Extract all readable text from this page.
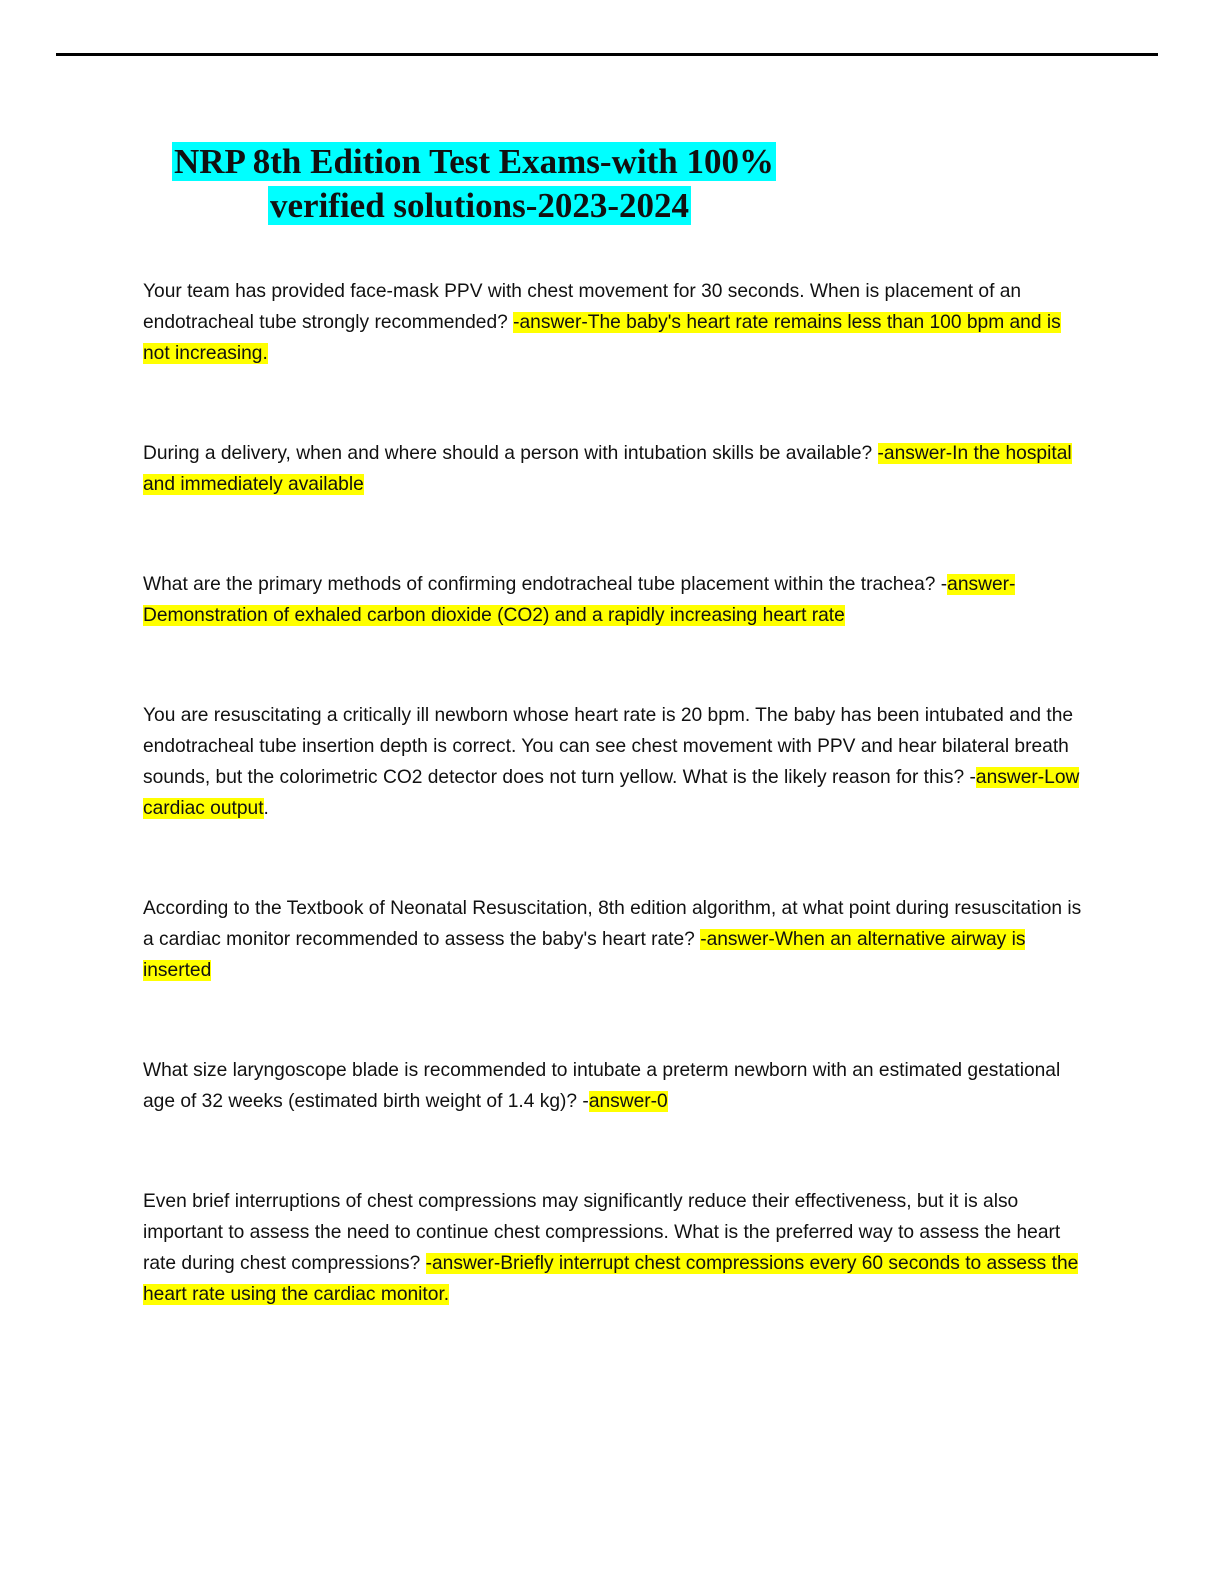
NRP 8th Edition Test Exams-with 100%
verified solutions-2023-2024
Your team has provided face-mask PPV with chest movement for 30 seconds. When is placement of an endotracheal tube strongly recommended? -answer-The baby's heart rate remains less than 100 bpm and is not increasing.
During a delivery, when and where should a person with intubation skills be available? -answer-In the hospital and immediately available
What are the primary methods of confirming endotracheal tube placement within the trachea? -answer-Demonstration of exhaled carbon dioxide (CO2) and a rapidly increasing heart rate
You are resuscitating a critically ill newborn whose heart rate is 20 bpm. The baby has been intubated and the endotracheal tube insertion depth is correct. You can see chest movement with PPV and hear bilateral breath sounds, but the colorimetric CO2 detector does not turn yellow. What is the likely reason for this? -answer-Low cardiac output.
According to the Textbook of Neonatal Resuscitation, 8th edition algorithm, at what point during resuscitation is a cardiac monitor recommended to assess the baby's heart rate? -answer-When an alternative airway is inserted
What size laryngoscope blade is recommended to intubate a preterm newborn with an estimated gestational age of 32 weeks (estimated birth weight of 1.4 kg)? -answer-0
Even brief interruptions of chest compressions may significantly reduce their effectiveness, but it is also important to assess the need to continue chest compressions. What is the preferred way to assess the heart rate during chest compressions? -answer-Briefly interrupt chest compressions every 60 seconds to assess the heart rate using the cardiac monitor.
